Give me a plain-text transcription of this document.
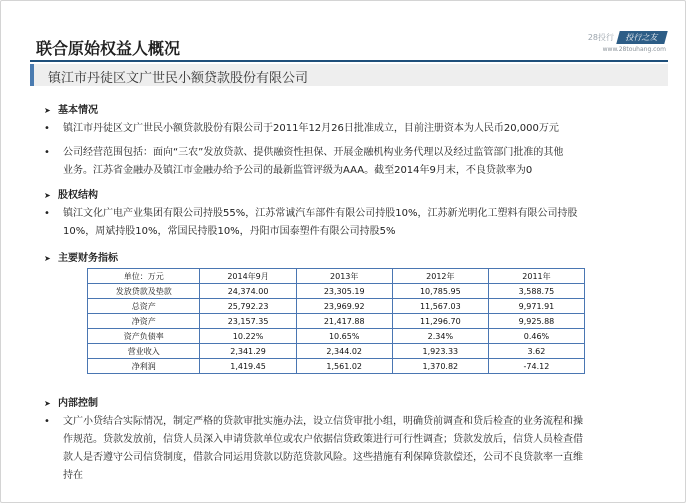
联合原始权益人概况
28投行 投行之友
www.28touhang.com
镇江市丹徒区文广世民小额贷款股份有限公司
➤ 基本情况
• 镇江市丹徒区文广世民小额贷款股份有限公司于2011年12月26日批准成立，目前注册资本为人民币20,000万元
• 公司经营范围包括：面向“三农”发放贷款、提供融资性担保、开展金融机构业务代理以及经过监管部门批准的其他
业务。江苏省金融办及镇江市金融办给予公司的最新监管评级为AAA。截至2014年9月末，不良贷款率为0
➤ 股权结构
• 镇江文化广电产业集团有限公司持股55%，江苏常诚汽车部件有限公司持股10%，江苏新光明化工塑料有限公司持股
10%，周斌持股10%，常国民持股10%，丹阳市国泰塑件有限公司持股5%
➤ 主要财务指标
单位：万元	2014年9月	2013年	2012年	2011年
发放贷款及垫款	24,374.00	23,305.19	10,785.95	3,588.75
总资产	25,792.23	23,969.92	11,567.03	9,971.91
净资产	23,157.35	21,417.88	11,296.70	9,925.88
资产负债率	10.22%	10.65%	2.34%	0.46%
营业收入	2,341.29	2,344.02	1,923.33	3.62
净利润	1,419.45	1,561.02	1,370.82	-74.12
➤ 内部控制
• 文广小贷结合实际情况，制定严格的贷款审批实施办法，设立信贷审批小组，明确贷前调查和贷后检查的业务流程和操
作规范。贷款发放前，信贷人员深入申请贷款单位或农户依据信贷政策进行可行性调查；贷款发放后，信贷人员检查借
款人是否遵守公司信贷制度，借款合同运用贷款以防范贷款风险。这些措施有利保障贷款偿还，公司不良贷款率一直维
持在
